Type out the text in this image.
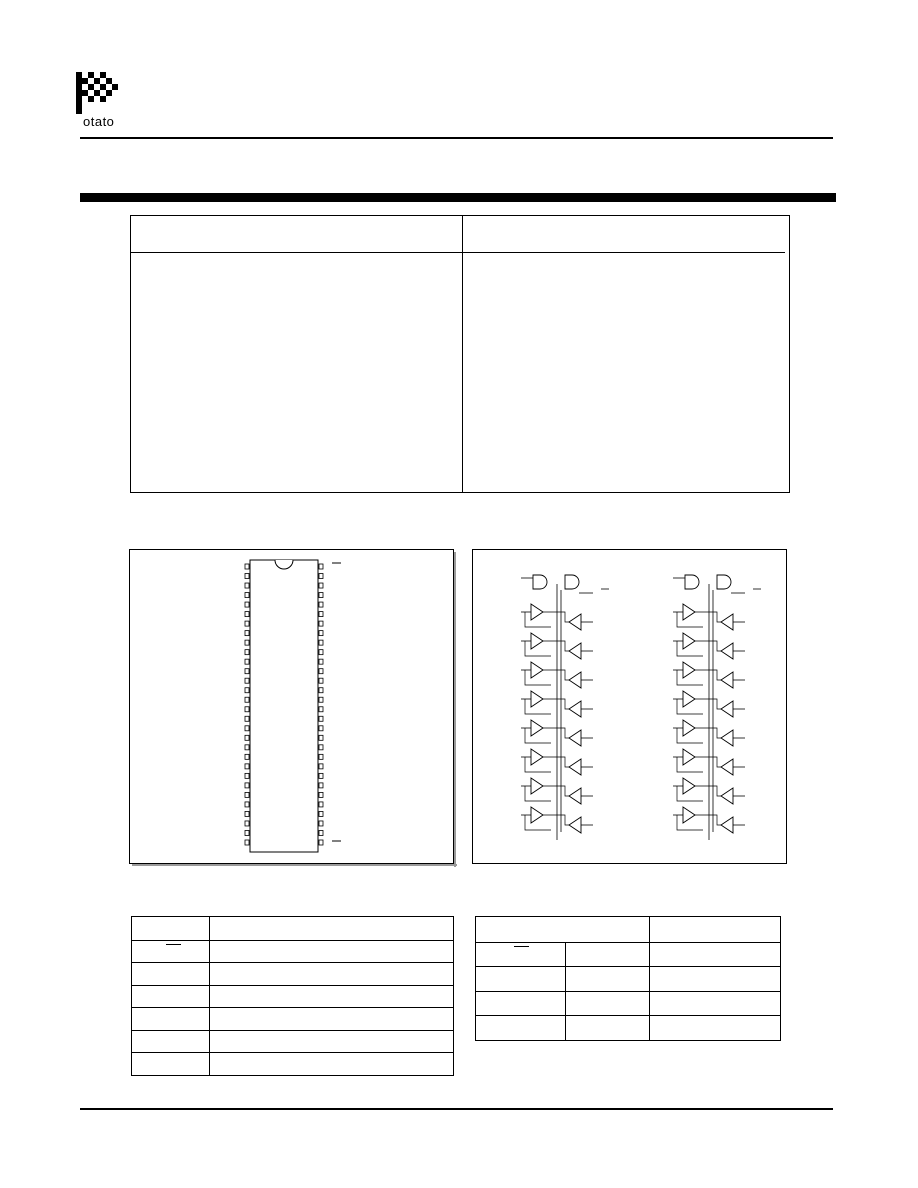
otato
